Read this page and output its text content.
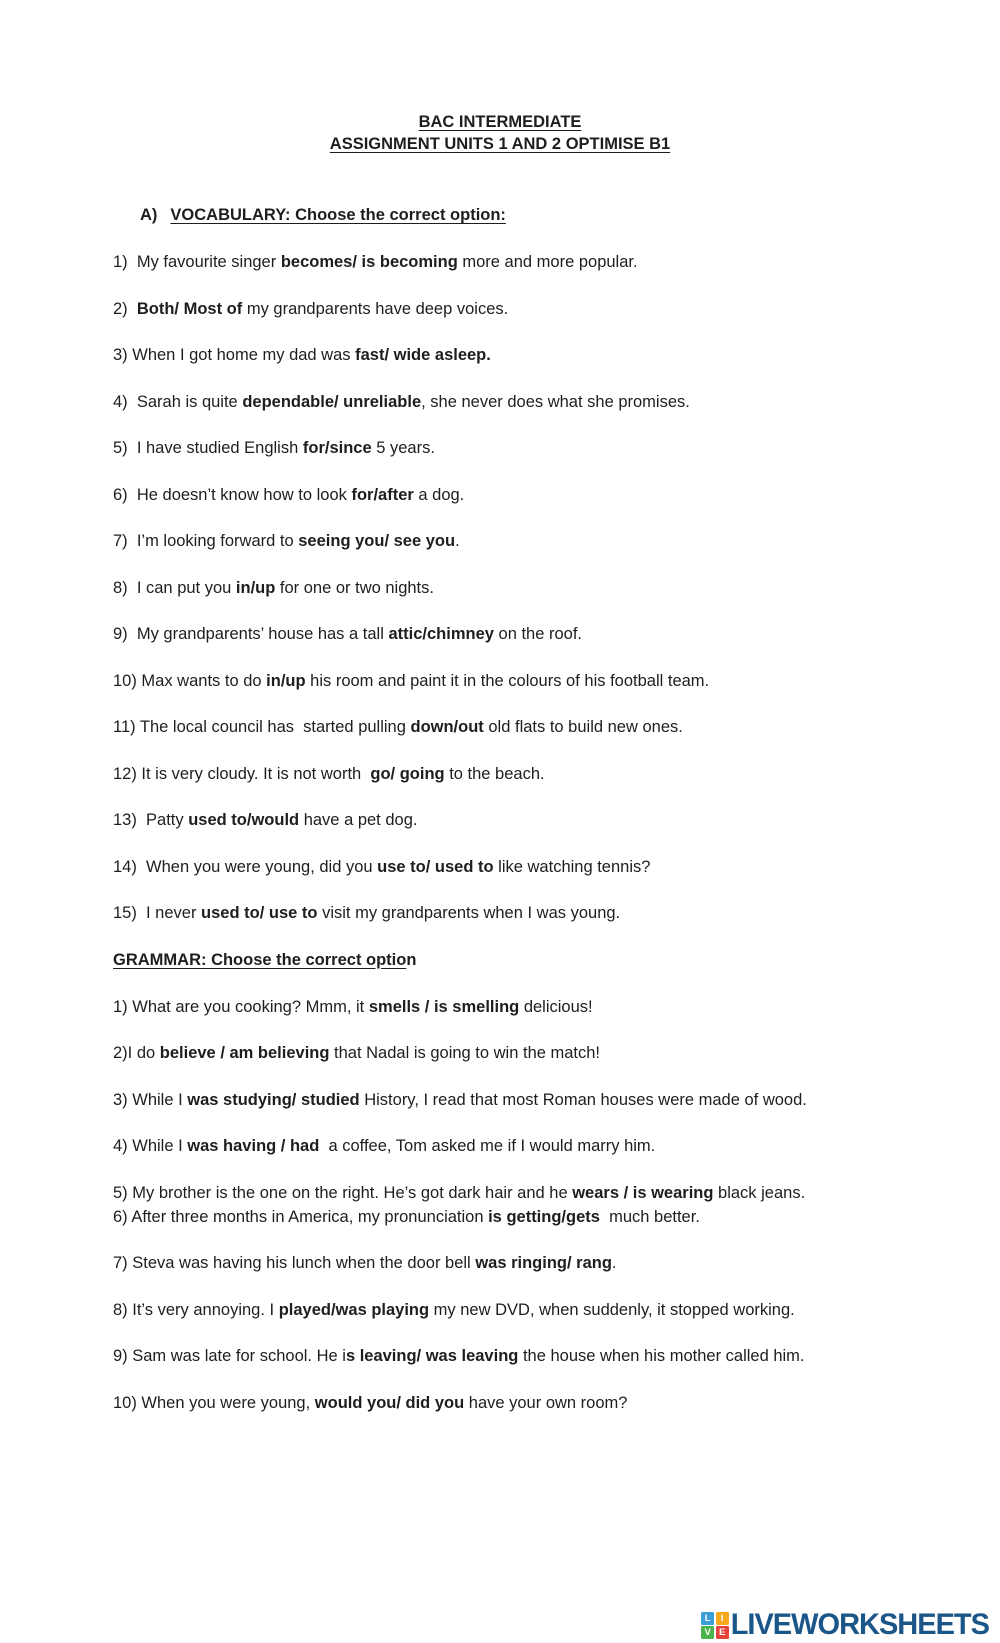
BAC INTERMEDIATE
ASSIGNMENT UNITS 1 AND 2 OPTIMISE B1
A) VOCABULARY: Choose the correct option:

1)  My favourite singer becomes/ is becoming more and more popular.

2)  Both/ Most of my grandparents have deep voices.

3) When I got home my dad was fast/ wide asleep.

4)  Sarah is quite dependable/ unreliable, she never does what she promises.

5)  I have studied English for/since 5 years.

6)  He doesn’t know how to look for/after a dog.

7)  I’m looking forward to seeing you/ see you.

8)  I can put you in/up for one or two nights.

9)  My grandparents’ house has a tall attic/chimney on the roof.

10) Max wants to do in/up his room and paint it in the colours of his football team.

11) The local council has  started pulling down/out old flats to build new ones.

12) It is very cloudy. It is not worth  go/ going to the beach.

13)  Patty used to/would have a pet dog.

14)  When you were young, did you use to/ used to like watching tennis?

15)  I never used to/ use to visit my grandparents when I was young.

GRAMMAR: Choose the correct option

1) What are you cooking? Mmm, it smells / is smelling delicious!

2)I do believe / am believing that Nadal is going to win the match!

3) While I was studying/ studied History, I read that most Roman houses were made of wood.

4) While I was having / had  a coffee, Tom asked me if I would marry him.

5) My brother is the one on the right. He’s got dark hair and he wears / is wearing black jeans.

6) After three months in America, my pronunciation is getting/gets  much better.

7) Steva was having his lunch when the door bell was ringing/ rang.

8) It’s very annoying. I played/was playing my new DVD, when suddenly, it stopped working.

9) Sam was late for school. He is leaving/ was leaving the house when his mother called him.

10) When you were young, would you/ did you have your own room?

L	I
V E LIVEWORKSHEETS
